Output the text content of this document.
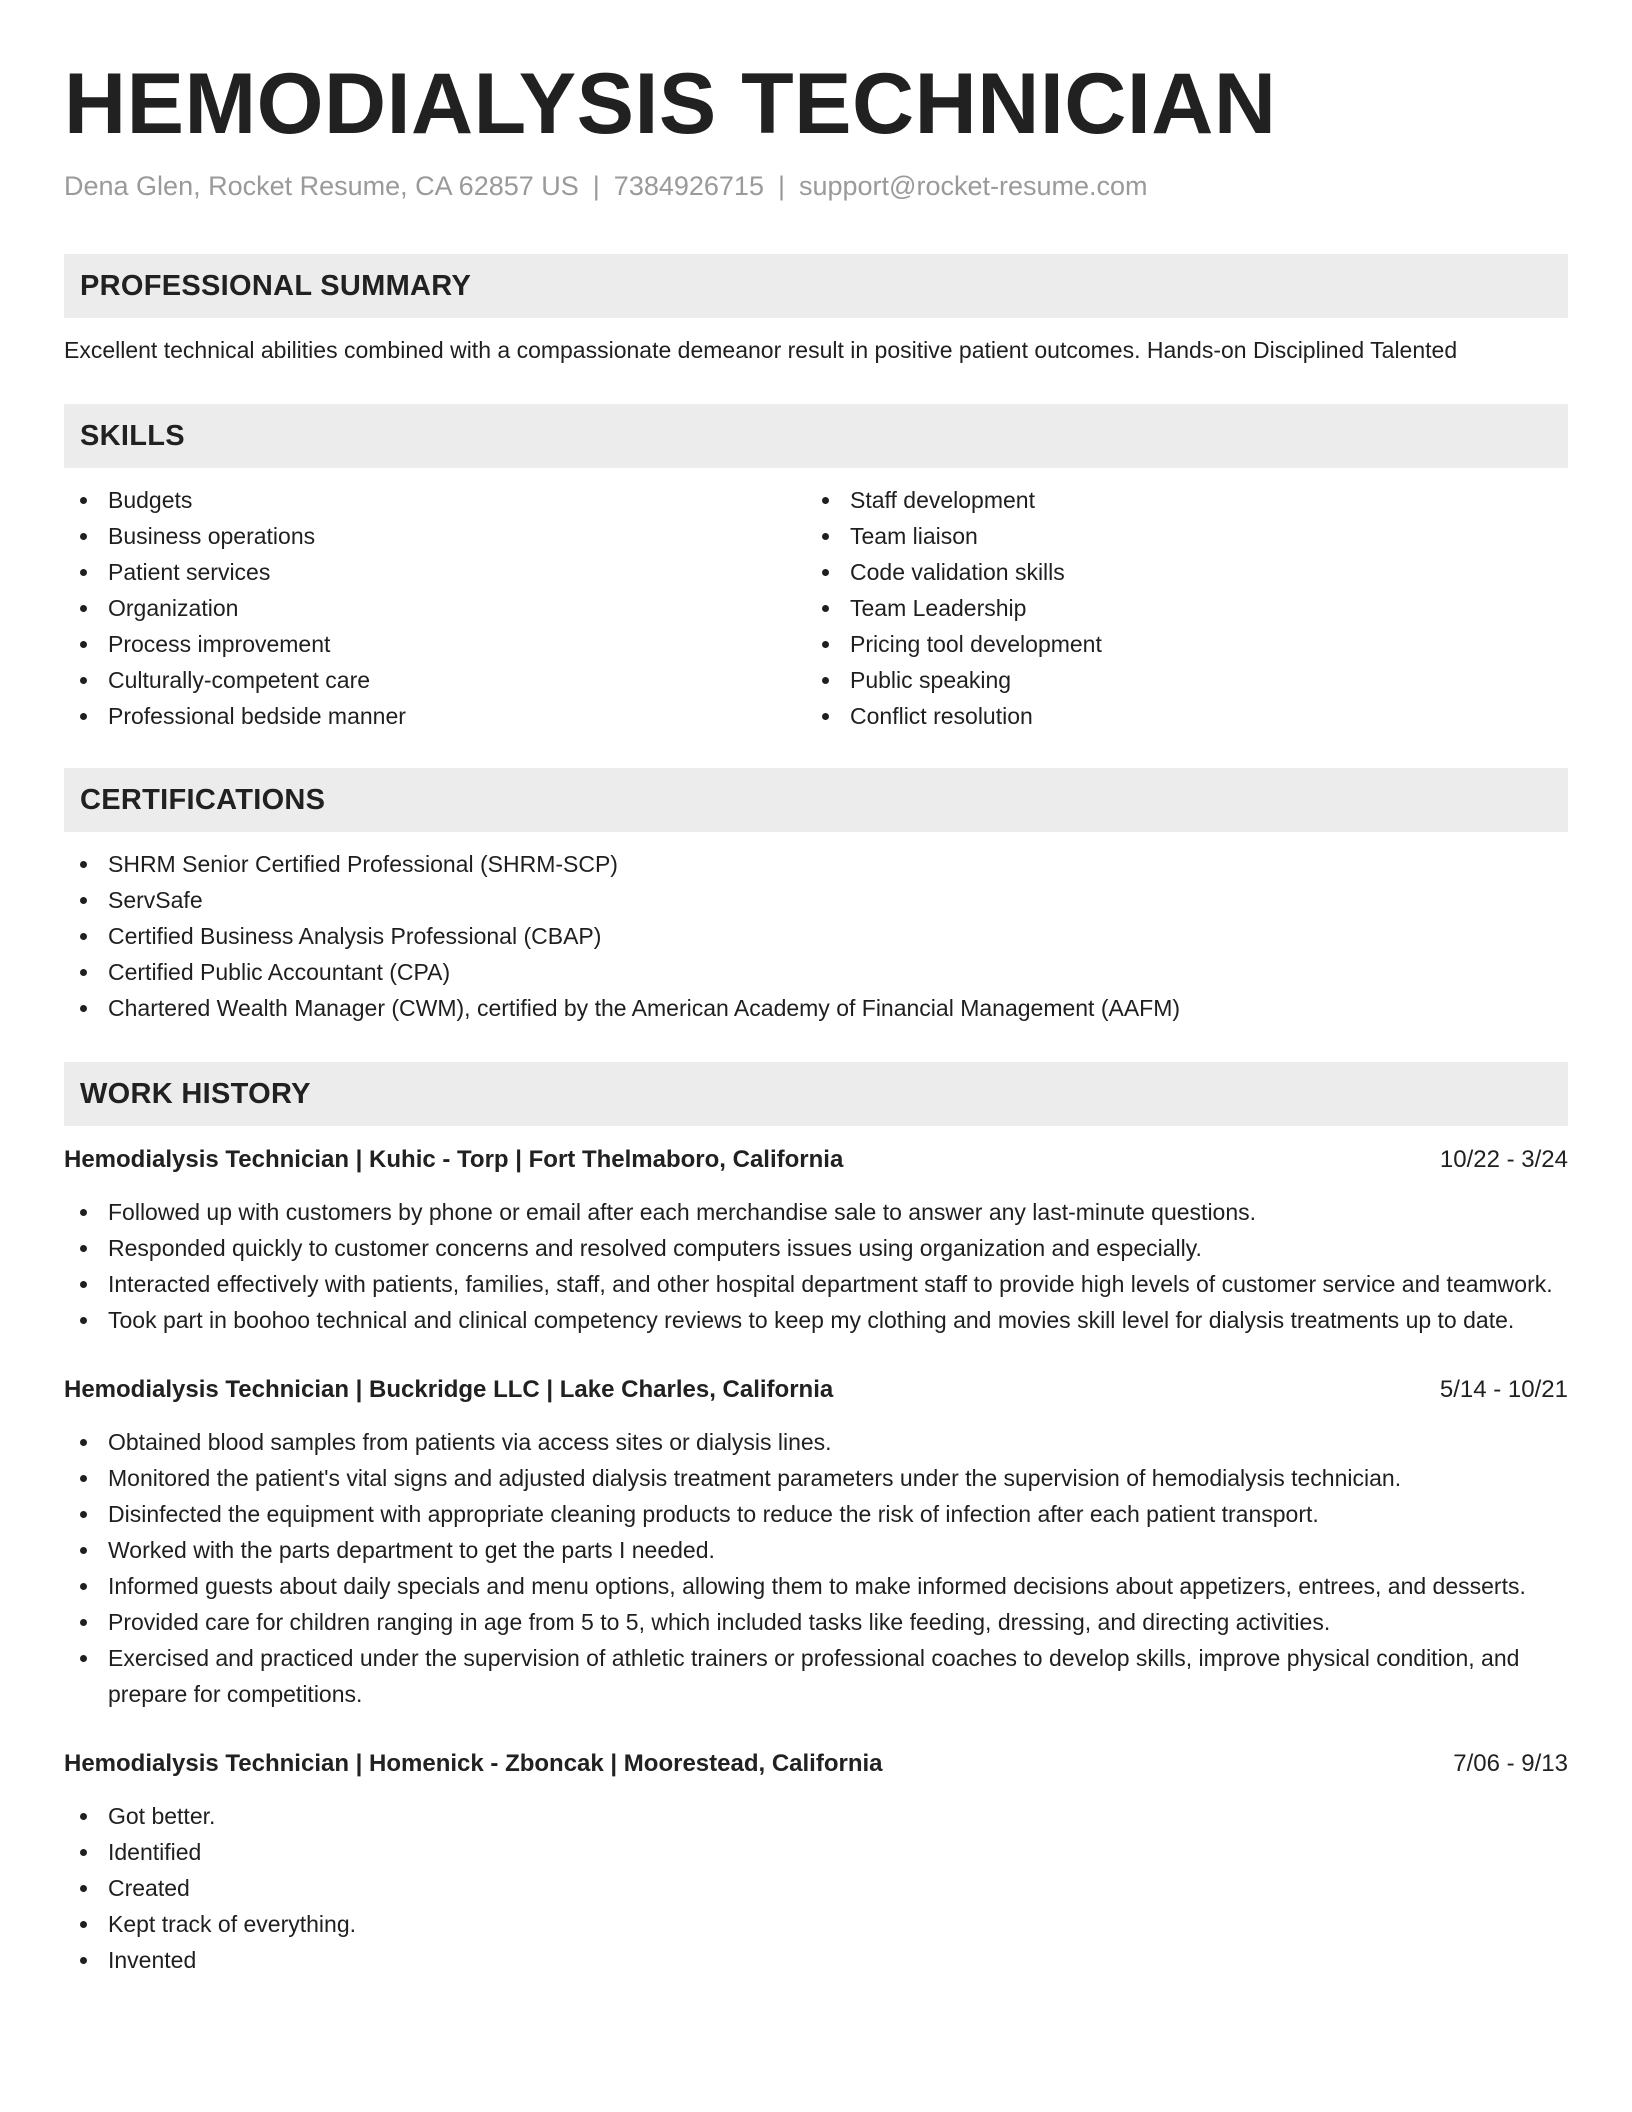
HEMODIALYSIS TECHNICIAN
Dena Glen, Rocket Resume, CA 62857 US | 7384926715 | support@rocket-resume.com
PROFESSIONAL SUMMARY

Excellent technical abilities combined with a compassionate demeanor result in positive patient outcomes. Hands-on Disciplined Talented

SKILLS
Budgets
Business operations
Patient services
Organization
Process improvement
Culturally-competent care
Professional bedside manner
Staff development
Team liaison
Code validation skills
Team Leadership
Pricing tool development
Public speaking
Conflict resolution
CERTIFICATIONS
SHRM Senior Certified Professional (SHRM-SCP)
ServSafe
Certified Business Analysis Professional (CBAP)
Certified Public Accountant (CPA)
Chartered Wealth Manager (CWM), certified by the American Academy of Financial Management (AAFM)
WORK HISTORY
Hemodialysis Technician | Kuhic - Torp | Fort Thelmaboro, California	10/22 - 3/24
Followed up with customers by phone or email after each merchandise sale to answer any last-minute questions.
Responded quickly to customer concerns and resolved computers issues using organization and especially.
Interacted effectively with patients, families, staff, and other hospital department staff to provide high levels of customer service and teamwork.
Took part in boohoo technical and clinical competency reviews to keep my clothing and movies skill level for dialysis treatments up to date.
Hemodialysis Technician | Buckridge LLC | Lake Charles, California	5/14 - 10/21
Obtained blood samples from patients via access sites or dialysis lines.
Monitored the patient's vital signs and adjusted dialysis treatment parameters under the supervision of hemodialysis technician.
Disinfected the equipment with appropriate cleaning products to reduce the risk of infection after each patient transport.
Worked with the parts department to get the parts I needed.
Informed guests about daily specials and menu options, allowing them to make informed decisions about appetizers, entrees, and desserts.
Provided care for children ranging in age from 5 to 5, which included tasks like feeding, dressing, and directing activities.
Exercised and practiced under the supervision of athletic trainers or professional coaches to develop skills, improve physical condition, and prepare for competitions.
Hemodialysis Technician | Homenick - Zboncak | Moorestead, California	7/06 - 9/13
Got better.
Identified
Created
Kept track of everything.
Invented
